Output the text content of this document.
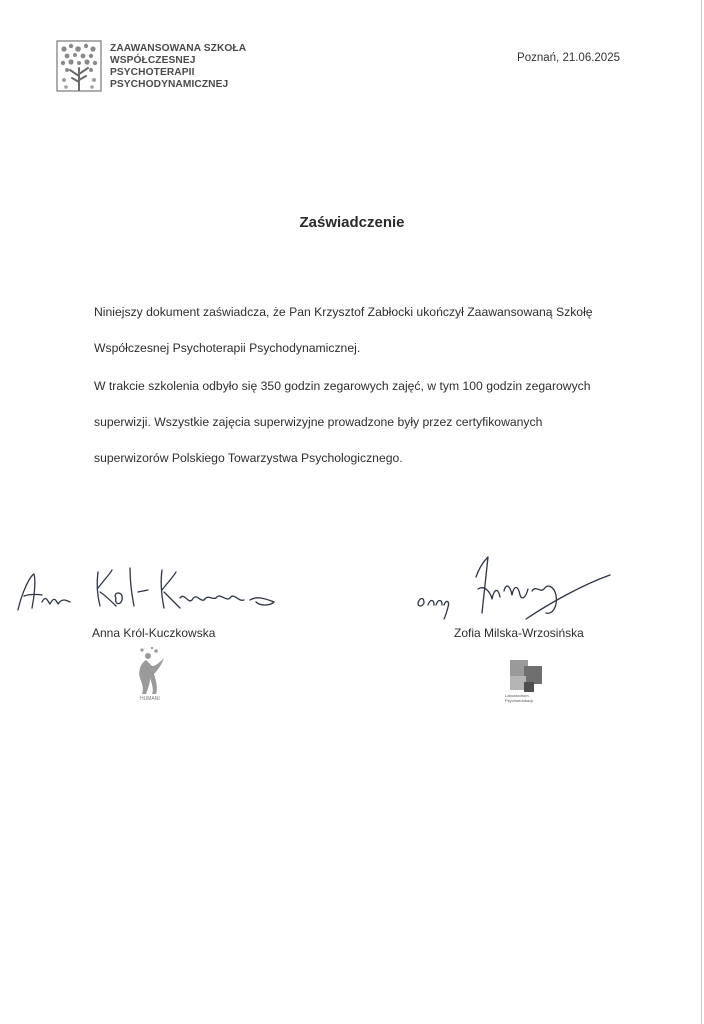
ZAAWANSOWANA SZKOŁA
WSPÓŁCZESNEJ
PSYCHOTERAPII
PSYCHODYNAMICZNEJ
Poznań, 21.06.2025
Zaświadczenie

Niniejszy dokument zaświadcza, że Pan Krzysztof Zabłocki ukończył Zaawansowaną Szkołę
Współczesnej Psychoterapii Psychodynamicznej.

W trakcie szkolenia odbyło się 350 godzin zegarowych zajęć, w tym 100 godzin zegarowych
superwizji. Wszystkie zajęcia superwizyjne prowadzone były przez certyfikowanych
superwizorów Polskiego Towarzystwa Psychologicznego.

Anna Król-Kuczkowska	Zofia Milska-Wrzosińska
HUMANI
Laboratorium
Psychoedukacji
